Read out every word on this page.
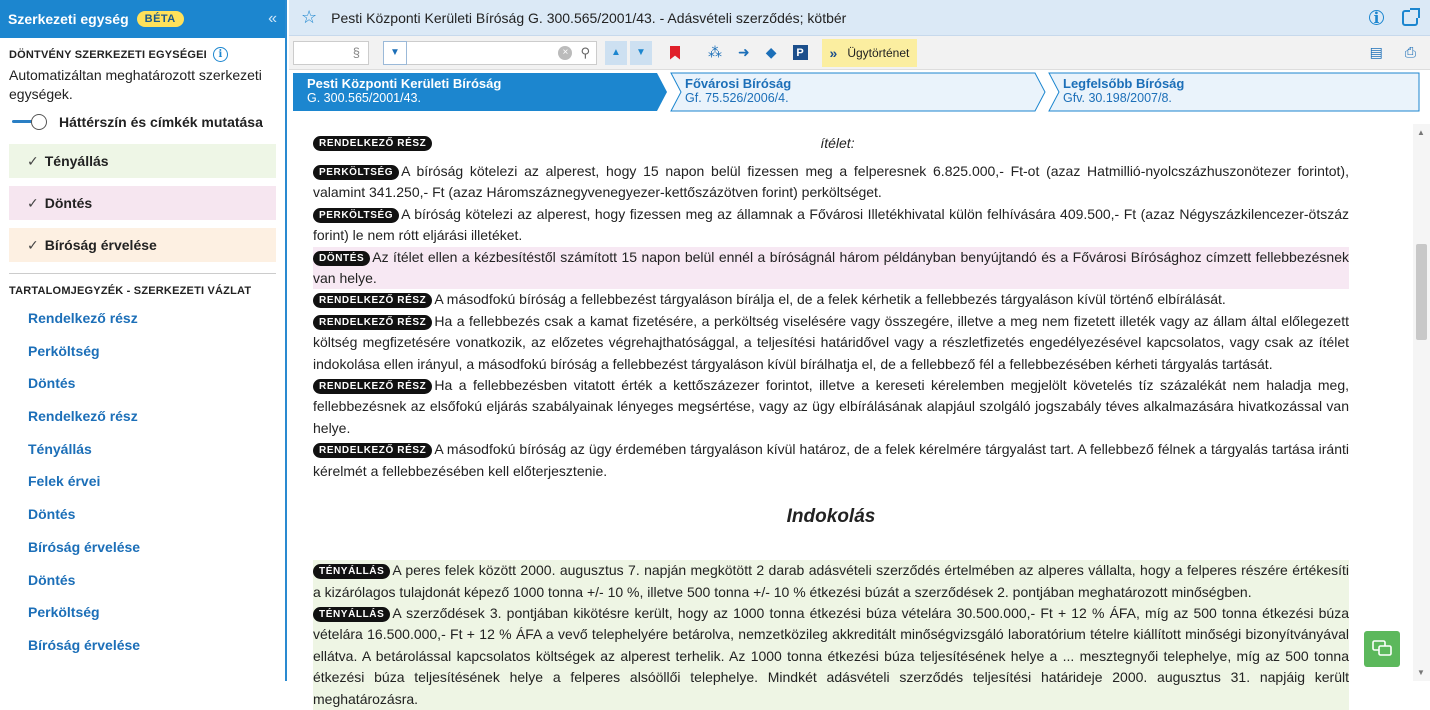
Szerkezeti egység	BÉTA	«
DÖNTVÉNY SZERKEZETI EGYSÉGEI	i
Automatizáltan meghatározott szerkezeti egységek.
Háttérszín és címkék mutatása
✓ Tényállás
✓ Döntés
✓ Bíróság érvelése
TARTALOMJEGYZÉK - SZERKEZETI VÁZLAT
Rendelkező rész
Perköltség
Döntés
Rendelkező rész
Tényállás
Felek érvei
Döntés
Bíróság érvelése
Döntés
Perköltség
Bíróság érvelése
☆ Pesti Központi Kerületi Bíróság G. 300.565/2001/43. - Adásvételi szerződés; kötbér	i
§	▼	× ⚲	▲	▼	⁂ ➜ ◆	P » Ügytörténet	▤ ⎙
Pesti Központi Kerületi Bíróság
G. 300.565/2001/43.
Fővárosi Bíróság
Gf. 75.526/2006/4.
Legfelsőbb Bíróság
Gfv. 30.198/2007/8.
RENDELKEZŐ RÉSZ	ítélet:

PERKÖLTSÉG A bíróság kötelezi az alperest, hogy 15 napon belül fizessen meg a felperesnek 6.825.000,- Ft-ot (azaz Hatmillió-nyolcszázhuszonötezer forintot), valamint 341.250,- Ft (azaz Háromszáznegyvenegyezer-kettőszázötven forint) perköltséget.

PERKÖLTSÉG A bíróság kötelezi az alperest, hogy fizessen meg az államnak a Fővárosi Illetékhivatal külön felhívására 409.500,- Ft (azaz Négyszázkilencezer-ötszáz forint) le nem rótt eljárási illetéket.

DÖNTÉS Az ítélet ellen a kézbesítéstől számított 15 napon belül ennél a bíróságnál három példányban benyújtandó és a Fővárosi Bírósághoz címzett fellebbezésnek van helye.

RENDELKEZŐ RÉSZ A másodfokú bíróság a fellebbezést tárgyaláson bírálja el, de a felek kérhetik a fellebbezés tárgyaláson kívül történő elbírálását.

RENDELKEZŐ RÉSZ Ha a fellebbezés csak a kamat fizetésére, a perköltség viselésére vagy összegére, illetve a meg nem fizetett illeték vagy az állam által előlegezett költség megfizetésére vonatkozik, az előzetes végrehajthatósággal, a teljesítési határidővel vagy a részletfizetés engedélyezésével kapcsolatos, vagy csak az ítélet indokolása ellen irányul, a másodfokú bíróság a fellebbezést tárgyaláson kívül bírálhatja el, de a fellebbező fél a fellebbezésében kérheti tárgyalás tartását.

RENDELKEZŐ RÉSZ Ha a fellebbezésben vitatott érték a kettőszázezer forintot, illetve a kereseti kérelemben megjelölt követelés tíz százalékát nem haladja meg, fellebbezésnek az elsőfokú eljárás szabályainak lényeges megsértése, vagy az ügy elbírálásának alapjául szolgáló jogszabály téves alkalmazására hivatkozással van helye.

RENDELKEZŐ RÉSZ A másodfokú bíróság az ügy érdemében tárgyaláson kívül határoz, de a felek kérelmére tárgyalást tart. A fellebbező félnek a tárgyalás tartása iránti kérelmét a fellebbezésében kell előterjesztenie.

Indokolás

TÉNYÁLLÁS A peres felek között 2000. augusztus 7. napján megkötött 2 darab adásvételi szerződés értelmében az alperes vállalta, hogy a felperes részére értékesíti a kizárólagos tulajdonát képező 1000 tonna +/- 10 %, illetve 500 tonna +/- 10 % étkezési búzát a szerződések 2. pontjában meghatározott minőségben.

TÉNYÁLLÁS A szerződések 3. pontjában kikötésre került, hogy az 1000 tonna étkezési búza vételára 30.500.000,- Ft + 12 % ÁFA, míg az 500 tonna étkezési búza vételára 16.500.000,- Ft + 12 % ÁFA a vevő telephelyére betárolva, nemzetközileg akkreditált minőségvizsgáló laboratórium tételre kiállított minőségi bizonyítványával ellátva. A betárolással kapcsolatos költségek az alperest terhelik. Az 1000 tonna étkezési búza teljesítésének helye a ... mesztegnyői telephelye, míg az 500 tonna étkezési búza teljesítésének helye a felperes alsóöllői telephelye. Mindkét adásvételi szerződés teljesítési határideje 2000. augusztus 31. napjáig került meghatározásra.

▲
▼
